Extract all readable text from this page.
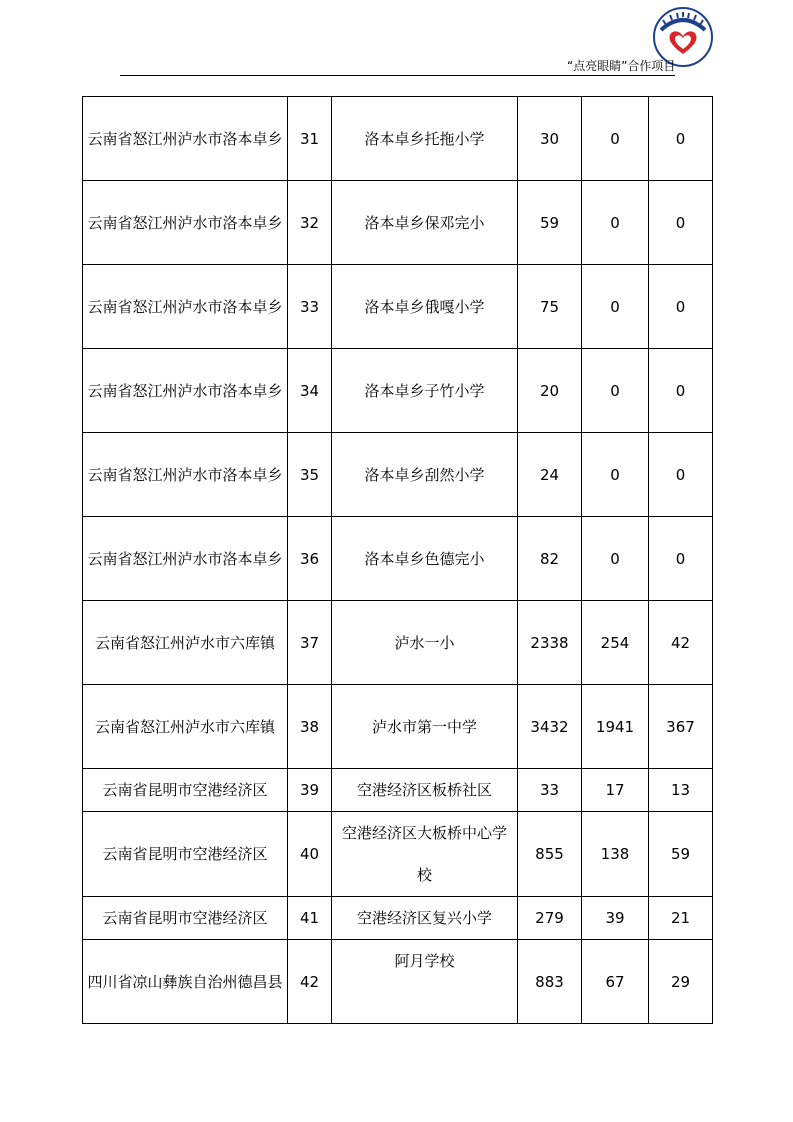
“点亮眼睛”合作项目
云南省怒江州泸水市洛本卓乡	31	洛本卓乡托拖小学	30	0	0
云南省怒江州泸水市洛本卓乡	32	洛本卓乡保邓完小	59	0	0
云南省怒江州泸水市洛本卓乡	33	洛本卓乡俄嘎小学	75	0	0
云南省怒江州泸水市洛本卓乡	34	洛本卓乡子竹小学	20	0	0
云南省怒江州泸水市洛本卓乡	35	洛本卓乡刮然小学	24	0	0
云南省怒江州泸水市洛本卓乡	36	洛本卓乡色德完小	82	0	0
云南省怒江州泸水市六库镇	37	泸水一小	2338	254	42
云南省怒江州泸水市六库镇	38	泸水市第一中学	3432	1941	367
云南省昆明市空港经济区	39	空港经济区板桥社区	33	17	13
云南省昆明市空港经济区	40	空港经济区大板桥中心学校	855	138	59
云南省昆明市空港经济区	41	空港经济区复兴小学	279	39	21
四川省凉山彝族自治州德昌县	42	阿月学校	883	67	29
